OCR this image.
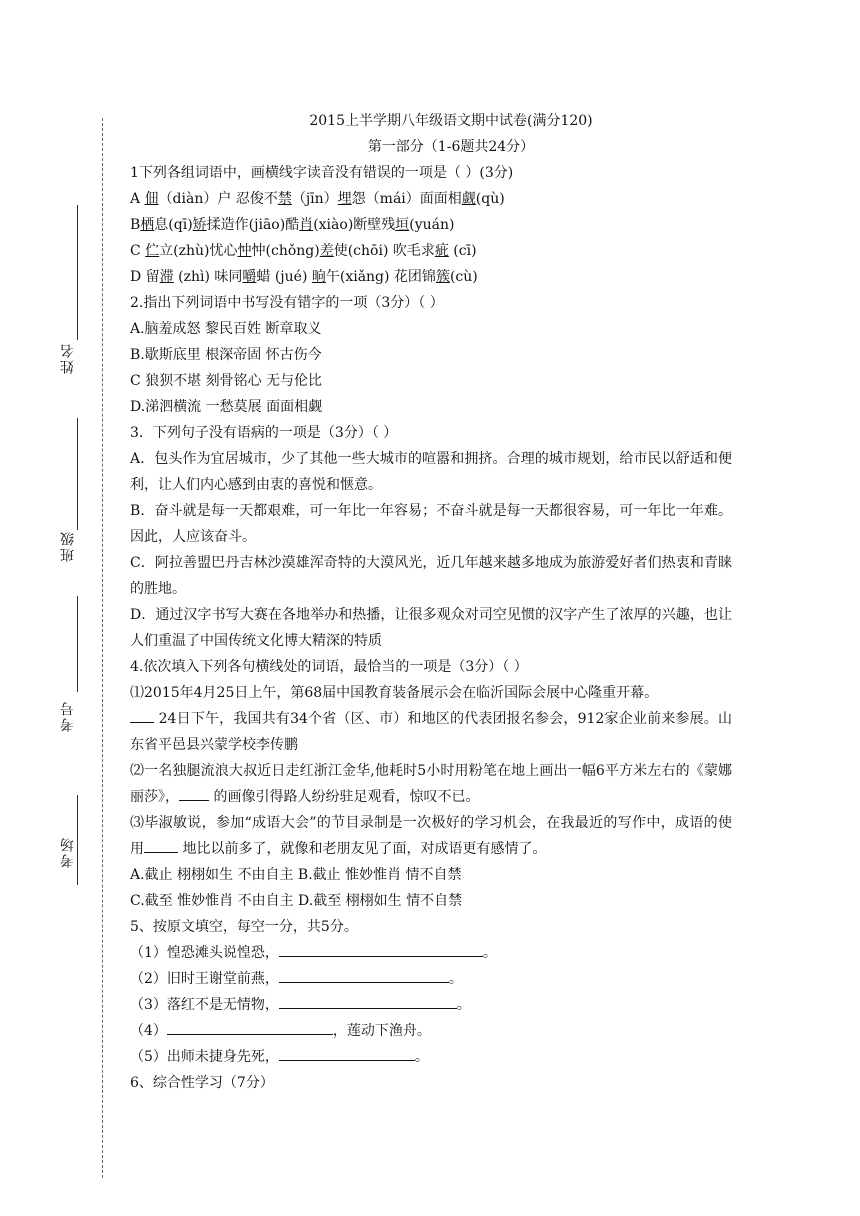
姓名
班级
考号
考场
2015上半学期八年级语文期中试卷(满分120)
第一部分（1-6题共24分）
1下列各组词语中，画横线字读音没有错误的一项是（ ）(3分)
A 佃（diàn）户 忍俊不禁（jīn）埋怨（mái）面面相觑(qù)
B栖息(qī)矫揉造作(jiāo)酷肖(xiào)断壁残垣(yuán)
C 伫立(zhù)忧心忡忡(chǒng)差使(chōi) 吹毛求疵 (cī)
D 留滞 (zhì) 味同嚼蜡 (jué) 晌午(xiǎng) 花团锦簇(cù)
2.指出下列词语中书写没有错字的一项（3分）（ ）
A.脑羞成怒 黎民百姓 断章取义
B.歇斯底里 根深帝固 怀古伤今
C 狼狈不堪 刻骨铭心 无与伦比
D.涕泗横流 一愁莫展 面面相觑
3．下列句子没有语病的一项是（3分）（ ）
A．包头作为宜居城市，少了其他一些大城市的喧嚣和拥挤。合理的城市规划，给市民以舒适和便利，让人们内心感到由衷的喜悦和惬意。
B．奋斗就是每一天都艰难，可一年比一年容易；不奋斗就是每一天都很容易，可一年比一年难。因此，人应该奋斗。
C．阿拉善盟巴丹吉林沙漠雄浑奇特的大漠风光，近几年越来越多地成为旅游爱好者们热衷和青睐的胜地。
D．通过汉字书写大赛在各地举办和热播，让很多观众对司空见惯的汉字产生了浓厚的兴趣，也让人们重温了中国传统文化博大精深的特质
4.依次填入下列各句横线处的词语，最恰当的一项是（3分）（ ）
⑴2015年4月25日上午，第68届中国教育装备展示会在临沂国际会展中心隆重开幕。
24日下午，我国共有34个省（区、市）和地区的代表团报名参会，912家企业前来参展。山东省平邑县兴蒙学校李传鹏
⑵一名独腿流浪大叔近日走红浙江金华,他耗时5小时用粉笔在地上画出一幅6平方米左右的《蒙娜丽莎》， 的画像引得路人纷纷驻足观看，惊叹不已。
⑶毕淑敏说，参加“成语大会”的节目录制是一次极好的学习机会，在我最近的写作中，成语的使用 地比以前多了，就像和老朋友见了面，对成语更有感情了。
A.截止 栩栩如生 不由自主 B.截止 惟妙惟肖 情不自禁
C.截至 惟妙惟肖 不由自主 D.截至 栩栩如生 情不自禁
5、按原文填空，每空一分，共5分。
（1）惶恐滩头说惶恐，	。
（2）旧时王谢堂前燕，	。
（3）落红不是无情物，	。
（4）	，莲动下渔舟。
（5）出师未捷身先死，	。
6、综合性学习（7分）
